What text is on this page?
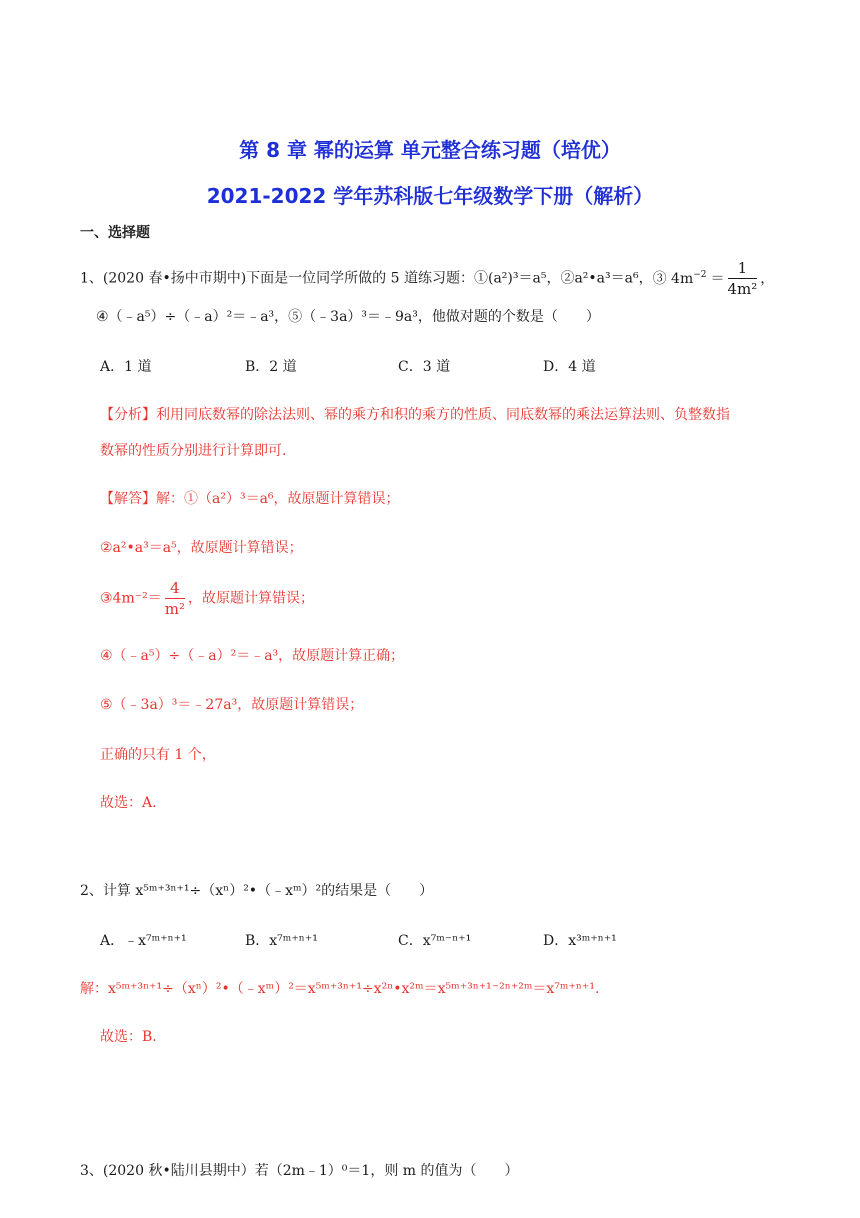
第 8 章 幂的运算 单元整合练习题（培优）
2021-2022 学年苏科版七年级数学下册（解析）
一、选择题
1、(2020 春•扬中市期中)下面是一位同学所做的 5 道练习题：①(a²)³＝a⁵，②a²•a³＝a⁶，③ $4m^{-2} = \frac{1}{\text{4m²}}$ ，
④（﹣a⁵）÷（﹣a）²＝﹣a³，⑤（﹣3a）³＝﹣9a³，他做对题的个数是（　　）
A．1 道	B．2 道	C．3 道	D．4 道
【分析】利用同底数幂的除法法则、幂的乘方和积的乘方的性质、同底数幂的乘法运算法则、负整数指
数幂的性质分别进行计算即可.
【解答】解：①（a²）³＝a⁶，故原题计算错误；
②a²•a³＝a⁵，故原题计算错误；
③4m⁻²＝ $\frac{4}{\text{m²}}$ ，故原题计算错误；
④（﹣a⁵）÷（﹣a）²＝﹣a³，故原题计算正确；
⑤（﹣3a）³＝﹣27a³，故原题计算错误；
正确的只有 1 个，
故选：A.
2、计算 x⁵ᵐ⁺³ⁿ⁺¹÷（xⁿ）²•（﹣xᵐ）²的结果是（　　）
A．﹣x⁷ᵐ⁺ⁿ⁺¹	B．x⁷ᵐ⁺ⁿ⁺¹	C．x⁷ᵐ⁻ⁿ⁺¹	D．x³ᵐ⁺ⁿ⁺¹
解：x⁵ᵐ⁺³ⁿ⁺¹÷（xⁿ）²•（﹣xᵐ）²＝x⁵ᵐ⁺³ⁿ⁺¹÷x²ⁿ•x²ᵐ＝x⁵ᵐ⁺³ⁿ⁺¹⁻²ⁿ⁺²ᵐ＝x⁷ᵐ⁺ⁿ⁺¹.
故选：B.
3、(2020 秋•陆川县期中）若（2m﹣1）⁰＝1，则 m 的值为（　　）
